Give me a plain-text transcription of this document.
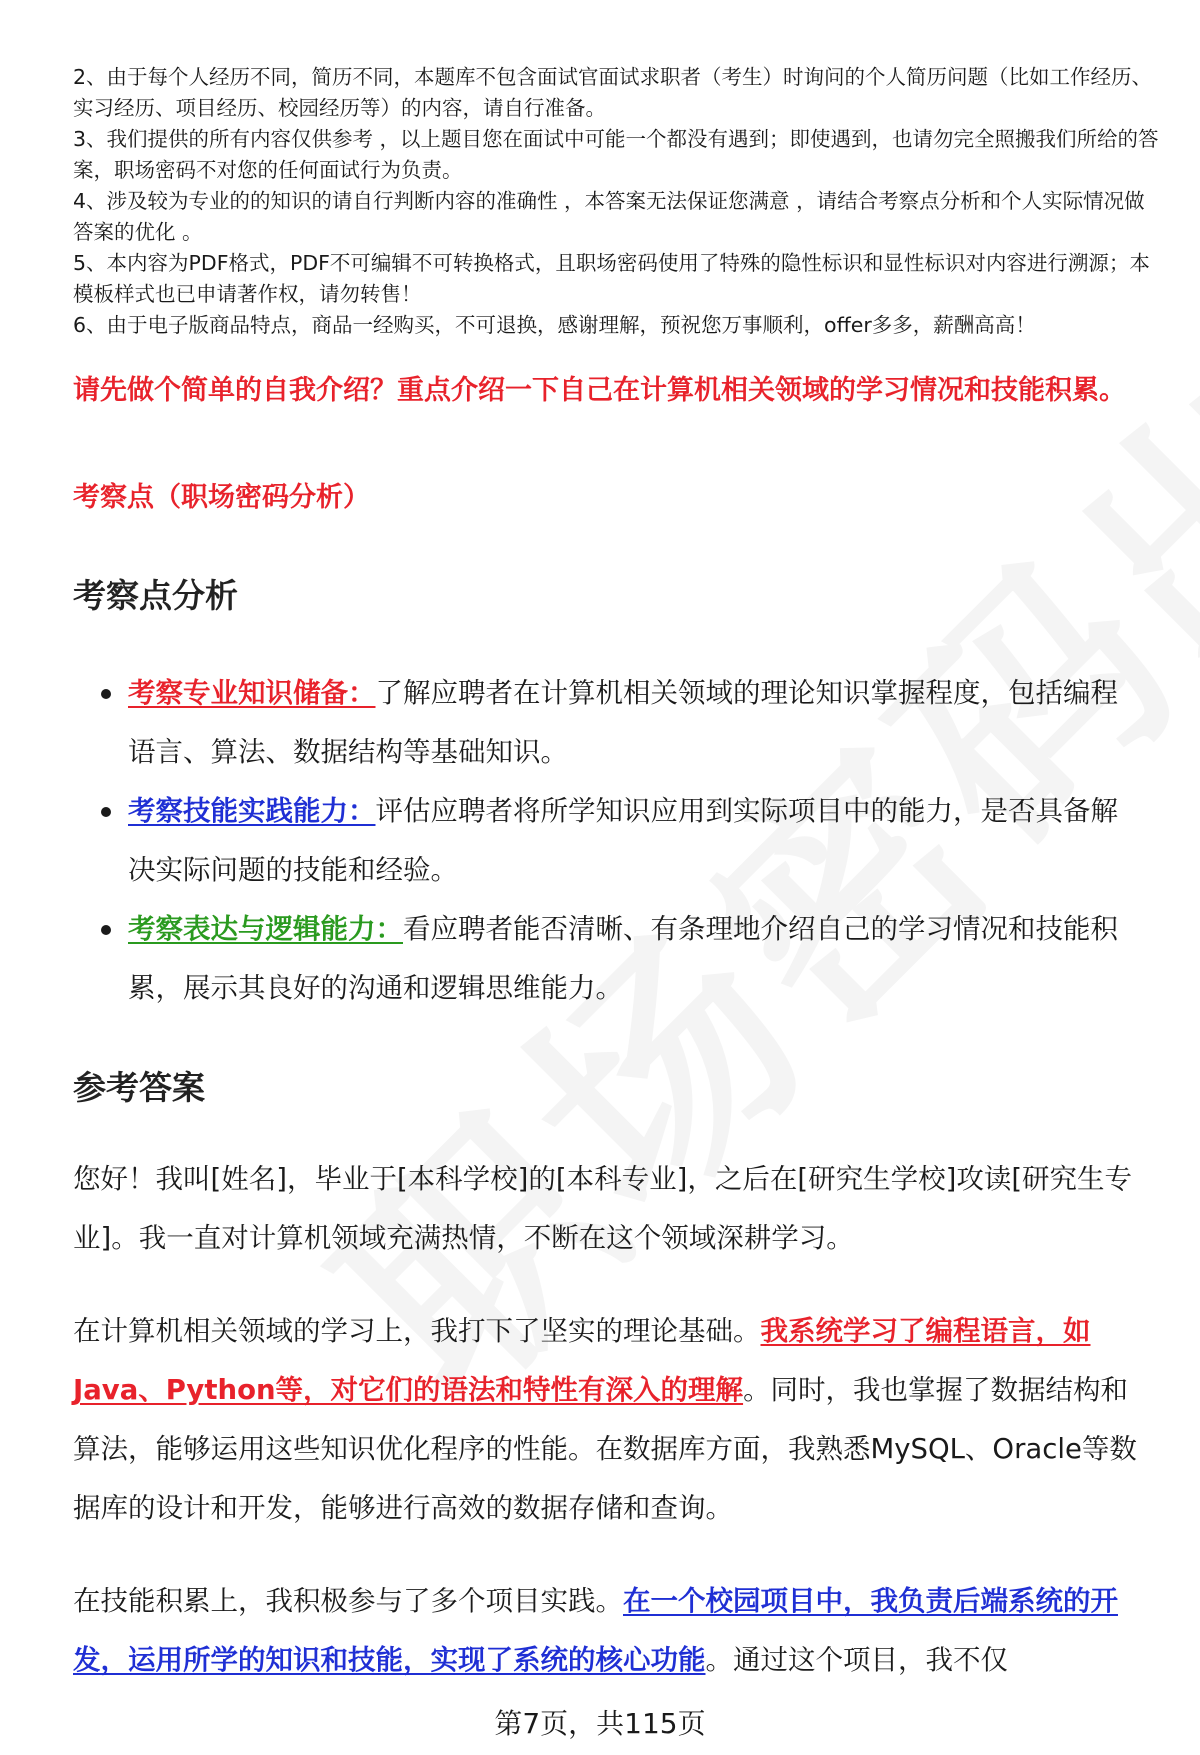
2、由于每个人经历不同，简历不同，本题库不包含面试官面试求职者（考生）时询问的个人简历问题（比如工作经历、实习经历、项目经历、校园经历等）的内容，请自行准备。

3、我们提供的所有内容仅供参考 ，以上题目您在面试中可能一个都没有遇到；即使遇到，也请勿完全照搬我们所给的答案，职场密码不对您的任何面试行为负责。

4、涉及较为专业的的知识的请自行判断内容的准确性 ，本答案无法保证您满意 ，请结合考察点分析和个人实际情况做答案的优化 。

5、本内容为PDF格式，PDF不可编辑不可转换格式，且职场密码使用了特殊的隐性标识和显性标识对内容进行溯源；本模板样式也已申请著作权，请勿转售！

6、由于电子版商品特点，商品一经购买，不可退换，感谢理解，预祝您万事顺利，offer多多，薪酬高高！

请先做个简单的自我介绍？重点介绍一下自己在计算机相关领域的学习情况和技能积累。

考察点（职场密码分析）

考察点分析
考察专业知识储备：了解应聘者在计算机相关领域的理论知识掌握程度，包括编程语言、算法、数据结构等基础知识。
考察技能实践能力：评估应聘者将所学知识应用到实际项目中的能力，是否具备解决实际问题的技能和经验。
考察表达与逻辑能力：看应聘者能否清晰、有条理地介绍自己的学习情况和技能积累，展示其良好的沟通和逻辑思维能力。
参考答案

您好！我叫[姓名]，毕业于[本科学校]的[本科专业]，之后在[研究生学校]攻读[研究生专业]。我一直对计算机领域充满热情，不断在这个领域深耕学习。

在计算机相关领域的学习上，我打下了坚实的理论基础。我系统学习了编程语言，如Java、Python等，对它们的语法和特性有深入的理解。同时，我也掌握了数据结构和算法，能够运用这些知识优化程序的性能。在数据库方面，我熟悉MySQL、Oracle等数据库的设计和开发，能够进行高效的数据存储和查询。

在技能积累上，我积极参与了多个项目实践。在一个校园项目中，我负责后端系统的开发，运用所学的知识和技能，实现了系统的核心功能。通过这个项目，我不仅

第7页，共115页
